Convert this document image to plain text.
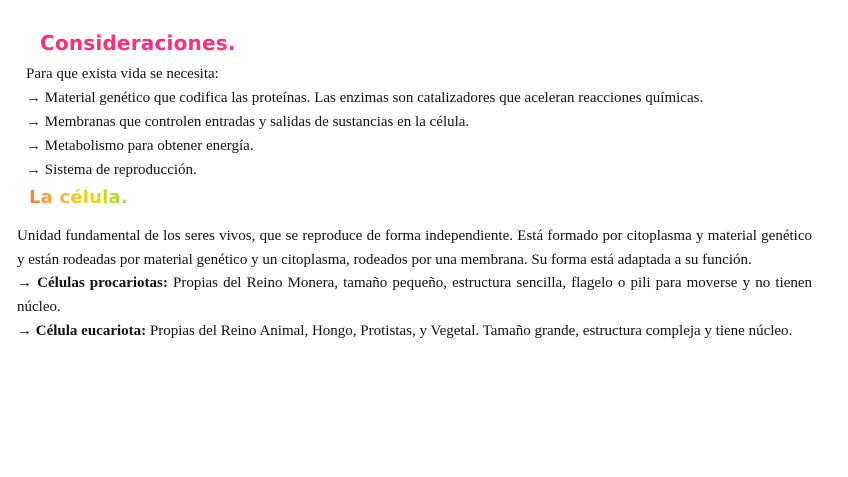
Consideraciones.
Para que exista vida se necesita:
→ Material genético que codifica las proteínas. Las enzimas son catalizadores que aceleran reacciones químicas.
→ Membranas que controlen entradas y salidas de sustancias en la célula.
→ Metabolismo para obtener energía.
→ Sistema de reproducción.
La célula.

Unidad fundamental de los seres vivos, que se reproduce de forma independiente. Está formado por citoplasma y material genético y están rodeadas por material genético y un citoplasma, rodeados por una membrana. Su forma está adaptada a su función.

→ Células procariotas: Propias del Reino Monera, tamaño pequeño, estructura sencilla, flagelo o pili para moverse y no tienen núcleo.

→ Célula eucariota: Propias del Reino Animal, Hongo, Protistas, y Vegetal. Tamaño grande, estructura compleja y tiene núcleo.
